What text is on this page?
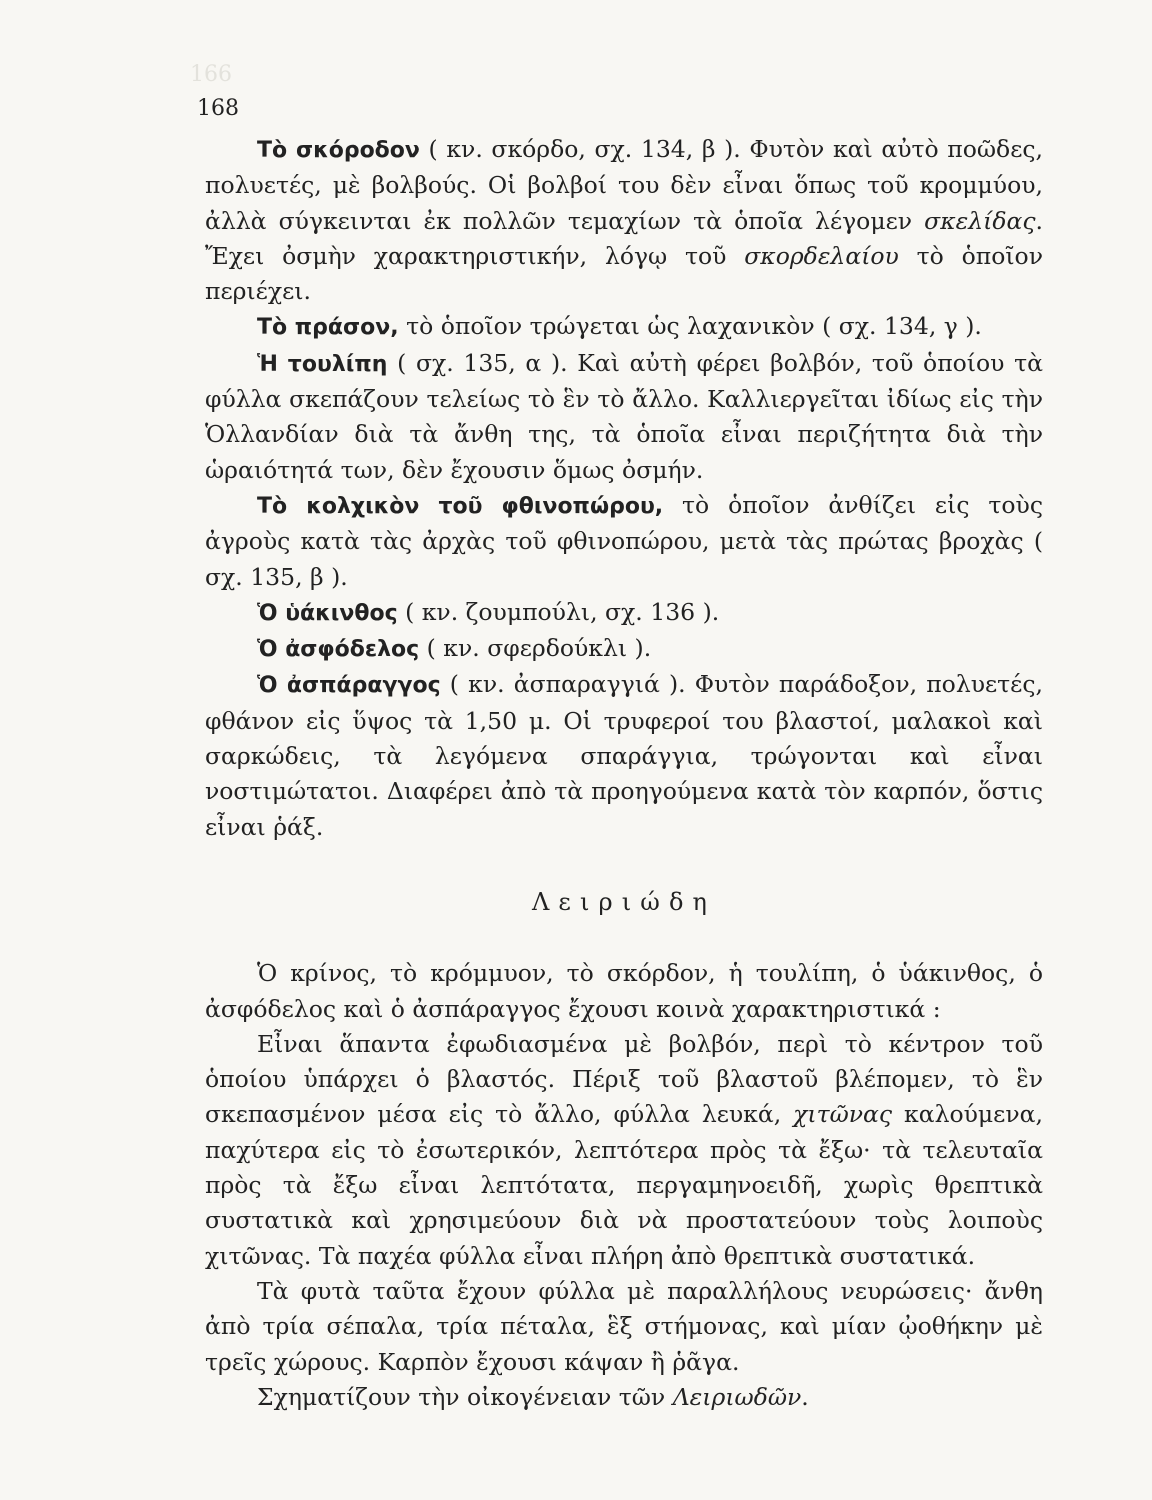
166
168

Τὸ σκόροδον ( κν. σκόρδο, σχ. 134, β ). Φυτὸν καὶ αὐτὸ ποῶδες, πολυετές, μὲ βολβούς. Οἱ βολβοί του δὲν εἶναι ὅπως τοῦ κρομμύου, ἀλλὰ σύγκεινται ἐκ πολλῶν τεμαχίων τὰ ὁποῖα λέγομεν σκελίδας. Ἔχει ὀσμὴν χαρακτηριστικήν, λόγῳ τοῦ σκορδελαίου τὸ ὁποῖον περιέχει.

Τὸ πράσον, τὸ ὁποῖον τρώγεται ὡς λαχανικὸν ( σχ. 134, γ ).

Ἡ τουλίπη ( σχ. 135, α ). Καὶ αὐτὴ φέρει βολβόν, τοῦ ὁποίου τὰ φύλλα σκεπάζουν τελείως τὸ ἓν τὸ ἄλλο. Καλλιεργεῖται ἰδίως εἰς τὴν Ὁλλανδίαν διὰ τὰ ἄνθη της, τὰ ὁποῖα εἶναι περιζήτητα διὰ τὴν ὡραιότητά των, δὲν ἔχουσιν ὅμως ὀσμήν.

Τὸ κολχικὸν τοῦ φθινοπώρου, τὸ ὁποῖον ἀνθίζει εἰς τοὺς ἀγροὺς κατὰ τὰς ἀρχὰς τοῦ φθινοπώρου, μετὰ τὰς πρώτας βροχὰς ( σχ. 135, β ).

Ὁ ὑάκινθος ( κν. ζουμπούλι, σχ. 136 ).

Ὁ ἀσφόδελος ( κν. σφερδούκλι ).

Ὁ ἀσπάραγγος ( κν. ἀσπαραγγιά ). Φυτὸν παράδοξον, πολυετές, φθάνον εἰς ὕψος τὰ 1,50 μ. Οἱ τρυφεροί του βλαστοί, μαλακοὶ καὶ σαρκώδεις, τὰ λεγόμενα σπαράγγια, τρώγονται καὶ εἶναι νοστιμώτατοι. Διαφέρει ἀπὸ τὰ προηγούμενα κατὰ τὸν καρπόν, ὅστις εἶναι ῥάξ.

Λειριώδη

Ὁ κρίνος, τὸ κρόμμυον, τὸ σκόρδον, ἡ τουλίπη, ὁ ὑάκινθος, ὁ ἀσφόδελος καὶ ὁ ἀσπάραγγος ἔχουσι κοινὰ χαρακτηριστικά :

Εἶναι ἅπαντα ἐφωδιασμένα μὲ βολβόν, περὶ τὸ κέντρον τοῦ ὁποίου ὑπάρχει ὁ βλαστός. Πέριξ τοῦ βλαστοῦ βλέπομεν, τὸ ἓν σκεπασμένον μέσα εἰς τὸ ἄλλο, φύλλα λευκά, χιτῶνας καλούμενα, παχύτερα εἰς τὸ ἐσωτερικόν, λεπτότερα πρὸς τὰ ἔξω· τὰ τελευταῖα πρὸς τὰ ἔξω εἶναι λεπτότατα, περγαμηνοειδῆ, χωρὶς θρεπτικὰ συστατικὰ καὶ χρησιμεύουν διὰ νὰ προστατεύουν τοὺς λοιποὺς χιτῶνας. Τὰ παχέα φύλλα εἶναι πλήρη ἀπὸ θρεπτικὰ συστατικά.

Τὰ φυτὰ ταῦτα ἔχουν φύλλα μὲ παραλλήλους νευρώσεις· ἄνθη ἀπὸ τρία σέπαλα, τρία πέταλα, ἓξ στήμονας, καὶ μίαν ᾠοθήκην μὲ τρεῖς χώρους. Καρπὸν ἔχουσι κάψαν ἢ ῥᾶγα.

Σχηματίζουν τὴν οἰκογένειαν τῶν Λειριωδῶν.
